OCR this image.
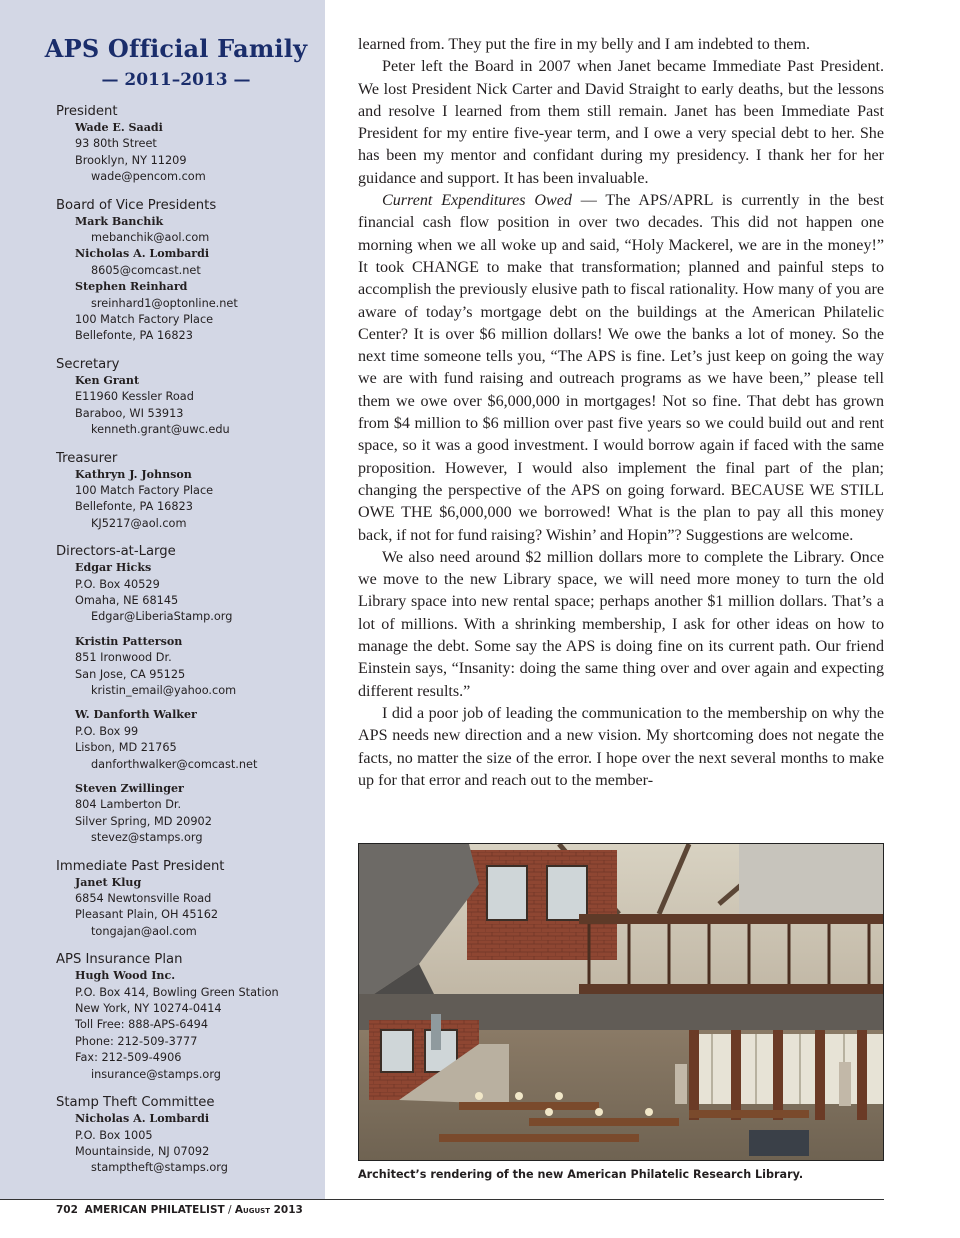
APS Official Family
— 2011–2013 —
President
Wade E. Saadi
93 80th Street
Brooklyn, NY 11209
wade@pencom.com
Board of Vice Presidents
Mark Banchik
mebanchik@aol.com
Nicholas A. Lombardi
8605@comcast.net
Stephen Reinhard
sreinhard1@optonline.net
100 Match Factory Place
Bellefonte, PA 16823
Secretary
Ken Grant
E11960 Kessler Road
Baraboo, WI 53913
kenneth.grant@uwc.edu
Treasurer
Kathryn J. Johnson
100 Match Factory Place
Bellefonte, PA 16823
KJ5217@aol.com
Directors-at-Large
Edgar Hicks
P.O. Box 40529
Omaha, NE 68145
Edgar@LiberiaStamp.org
Kristin Patterson
851 Ironwood Dr.
San Jose, CA 95125
kristin_email@yahoo.com
W. Danforth Walker
P.O. Box 99
Lisbon, MD 21765
danforthwalker@comcast.net
Steven Zwillinger
804 Lamberton Dr.
Silver Spring, MD 20902
stevez@stamps.org
Immediate Past President
Janet Klug
6854 Newtonsville Road
Pleasant Plain, OH 45162
tongajan@aol.com
APS Insurance Plan
Hugh Wood Inc.
P.O. Box 414, Bowling Green Station
New York, NY 10274-0414
Toll Free: 888-APS-6494
Phone: 212-509-3777
Fax: 212-509-4906
insurance@stamps.org
Stamp Theft Committee
Nicholas A. Lombardi
P.O. Box 1005
Mountainside, NJ 07092
stamptheft@stamps.org

learned from. They put the fire in my belly and I am indebted to them.

Peter left the Board in 2007 when Janet became Immediate Past President. We lost President Nick Carter and David Straight to early deaths, but the lessons and resolve I learned from them still remain. Janet has been Immediate Past President for my entire five-year term, and I owe a very special debt to her. She has been my mentor and confidant during my presidency. I thank her for her guidance and support. It has been invaluable.

Current Expenditures Owed — The APS/APRL is currently in the best financial cash flow position in over two decades. This did not happen one morning when we all woke up and said, “Holy Mackerel, we are in the money!” It took CHANGE to make that transformation; planned and painful steps to accomplish the previously elusive path to fiscal rationality. How many of you are aware of today’s mortgage debt on the buildings at the American Philatelic Center? It is over $6 million dollars! We owe the banks a lot of money. So the next time someone tells you, “The APS is fine. Let’s just keep on going the way we are with fund raising and outreach programs as we have been,” please tell them we owe over $6,000,000 in mortgages! Not so fine. That debt has grown from $4 million to $6 million over past five years so we could build out and rent space, so it was a good investment. I would borrow again if faced with the same proposition. However, I would also implement the final part of the plan; changing the perspective of the APS on going forward. BECAUSE WE STILL OWE THE $6,000,000 we borrowed! What is the plan to pay all this money back, if not for fund raising? Wishin’ and Hopin”? Suggestions are welcome.

We also need around $2 million dollars more to complete the Library. Once we move to the new Library space, we will need more money to turn the old Library space into new rental space; perhaps another $1 million dollars. That’s a lot of millions. With a shrinking membership, I ask for other ideas on how to manage the debt. Some say the APS is doing fine on its current path. Our friend Einstein says, “Insanity: doing the same thing over and over again and expecting different results.”

I did a poor job of leading the communication to the membership on why the APS needs new direction and a new vision. My shortcoming does not negate the facts, no matter the size of the error. I hope over the next several months to make up for that error and reach out to the member-

Architect’s rendering of the new American Philatelic Research Library.
702 AMERICAN PHILATELIST / August 2013
